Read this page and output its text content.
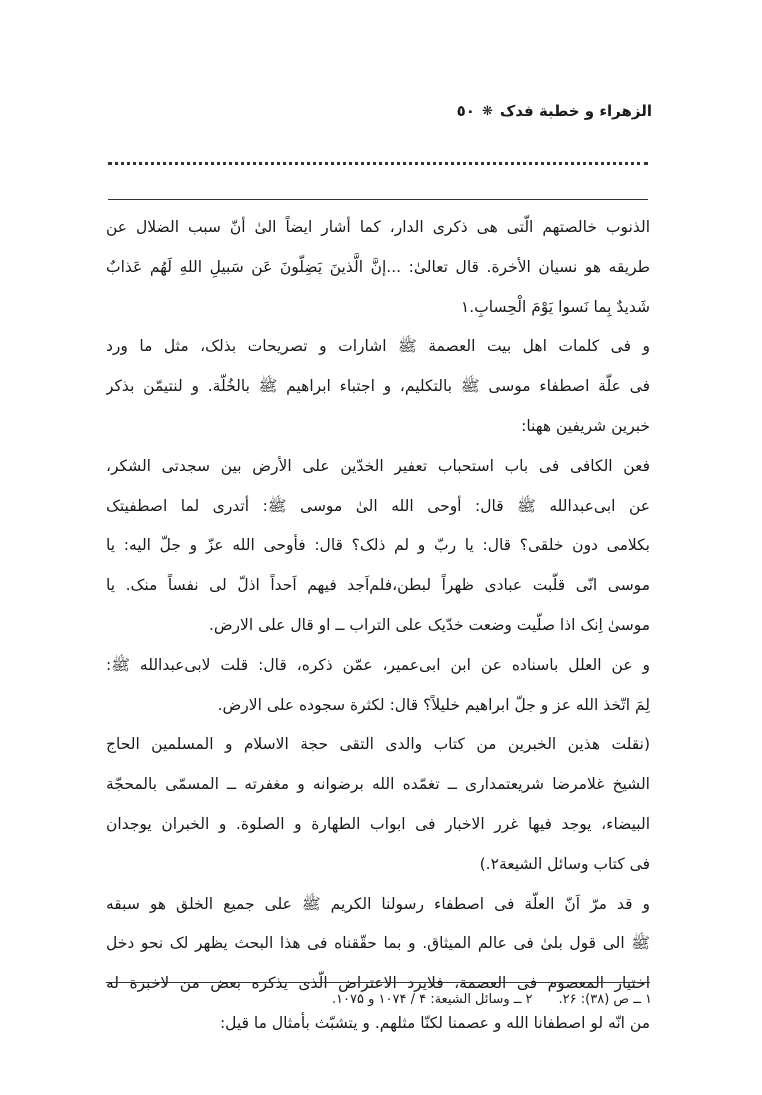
الزهراء و خطبة فدک
❋
٥٠
الذنوب خالصتهم الّتی هی ذکری الدار، کما أشار ایضاً الیٰ أنّ سبب الضلال عن
طریقه هو نسیان الأخرة. قال تعالیٰ: ...إنَّ الَّذینَ یَضِلّونَ عَن سَبیلِ اللهِ لَهُم عَذابٌ
شَدیدٌ بِما نَسوا یَوْمَ الْحِسابِ.١
و فی کلمات اهل بیت العصمة ﷺ اشارات و تصریحات بذلک، مثل ما ورد
فی علّة اصطفاء موسی ﷺ بالتکلیم، و اجتباء ابراهیم ﷺ بالخُلّة. و لنتیمّن بذکر
خبرین شریفین ههنا:
فعن الکافی فی باب استحباب تعفیر الخدّین علی الأرض بین سجدتی الشکر،
عن ابی‌عبدالله ﷺ قال: أوحی الله الیٰ موسی ﷺ: أتدری لما اصطفیتک
بکلامی دون خلقی؟ قال: یا ربّ و لم ذلک؟ قال: فأوحی الله عزّ و جلّ الیه: یا
موسی انّی قلّبت عبادی ظهراً لبطن،فلم‌اَجد فیهم اَحداً اذلّ لی نفساً منک. یا
موسیٰ اِنک اذا صلّیت وضعت خدّیک علی التراب ــ او قال علی الارض.
و عن العلل باسناده عن ابن ابی‌عمیر، عمّن ذکره، قال: قلت لابی‌عبدالله ﷺ:
لِمَ اتّخذ الله عز و جلّ ابراهیم خلیلاً؟ قال: لکثرة سجوده علی الارض.
(نقلت هذین الخبرین من کتاب والدی التقی حجة الاسلام و المسلمین الحاج
الشیخ غلامرضا شریعتمداری ــ تغمّده الله برضوانه و مغفرته ــ المسمّی بالمحجّة
البیضاء، یوجد فیها غرر الاخبار فی ابواب الطهارة و الصلوة. و الخبران یوجدان
فی کتاب وسائل الشیعة٢.)
و قد مرّ اَنّ العلّة فی اصطفاء رسولنا الکریم ﷺ علی جمیع الخلق هو سبقه
ﷺ الی قول بلیٰ فی عالم المیثاق. و بما حقّقناه فی هذا البحث یظهر لک نحو دخل
اختیار المعصوم فی العصمة، فلایرد الاعتراض الّذی یذکره بعض من لاخبرة له
من انّه لو اصطفانا الله و عصمنا لکنّا مثلهم. و یتشبّث بأمثال ما قیل:
١ ــ ص (٣٨): ٢۶.
٢ ــ وسائل الشیعة: ۴ / ١٠٧۴ و ١٠٧۵.
